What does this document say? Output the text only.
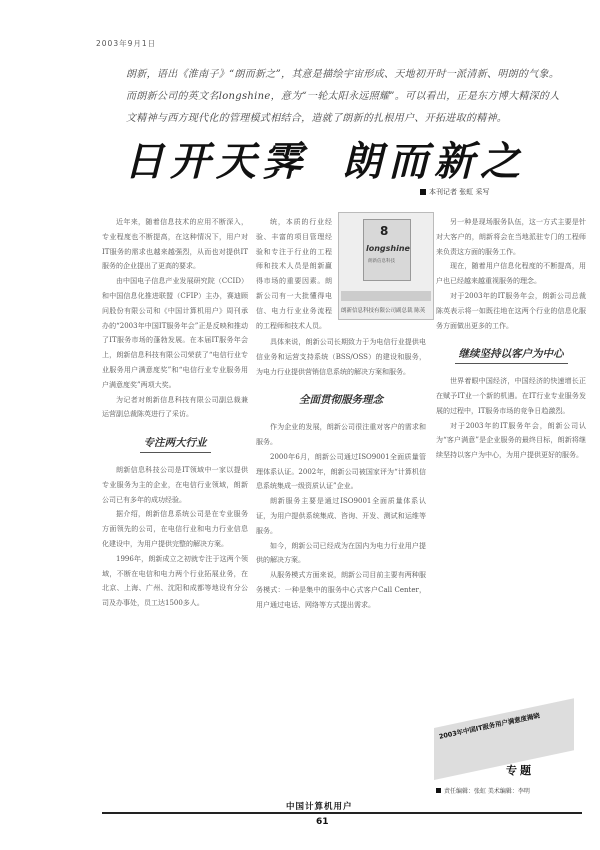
2003年9月1日
朗新，语出《淮南子》“朗而新之”，其意是描绘宇宙形成、天地初开时一派清新、明朗的气象。而朗新公司的英文名longshine，意为“一轮太阳永远照耀”。可以看出，正是东方博大精深的人文精神与西方现代化的管理模式相结合，造就了朗新的扎根用户、开拓进取的精神。
日开天霁 朗而新之
本刊记者 张虹 采写

近年来，随着信息技术的应用不断深入，专业程度也不断提高，在这种情况下，用户对IT服务的需求也越来越强烈，从而也对提供IT服务的企业提出了更高的要求。

由中国电子信息产业发展研究院（CCID）和中国信息化推进联盟（CFIP）主办，赛迪顾问股份有限公司和《中国计算机用户》周刊承办的“2003年中国IT服务年会”正是反映和推动了IT服务市场的蓬勃发展。在本届IT服务年会上，朗新信息科技有限公司荣获了“电信行业专业服务用户满意度奖”和“电信行业专业服务用户满意度奖”两项大奖。

为记者对朗新信息科技有限公司副总裁兼运营副总裁陈英进行了采访。

专注两大行业

朗新信息科技公司是IT领域中一家以提供专业服务为主的企业，在电信行业领域，朗新公司已有多年的成功经验。

据介绍，朗新信息系统公司是在专业服务方面领先的公司，在电信行业和电力行业信息化建设中，为用户提供完整的解决方案。

1996年，朗新成立之初就专注于这两个领域，不断在电信和电力两个行业拓展业务，在北京、上海、广州、沈阳和成都等地设有分公司及办事处，员工达1500多人。

统，本质的行业经验、丰富的项目管理经验和专注于行业的工程师和技术人员是朗新赢得市场的重要因素。朗新公司有一大批懂得电信、电力行业业务流程的工程师和技术人员。

8
longshine
朗新信息科技
朗新信息科技有限公司副总裁 陈英

具体来说，朗新公司长期致力于为电信行业提供电信业务和运营支持系统（BSS/OSS）的建设和服务，为电力行业提供营销信息系统的解决方案和服务。

全面贯彻服务理念

作为企业的发展，朗新公司很注重对客户的需求和服务。

2000年6月，朗新公司通过ISO9001全面质量管理体系认证。2002年，朗新公司被国家评为“计算机信息系统集成一级资质认证”企业。

朗新服务主要是通过ISO9001全面质量体系认证，为用户提供系统集成、咨询、开发、测试和运维等服务。

如今，朗新公司已经成为在国内为电力行业用户提供的解决方案。

从服务模式方面来说，朗新公司目前主要有两种服务模式：一种是集中的服务中心式客户Call Center，用户通过电话、网络等方式提出需求。

另一种是现场服务队伍，这一方式主要是针对大客户的，朗新将会在当地派驻专门的工程师来负责这方面的服务工作。

现在，随着用户信息化程度的不断提高，用户也已经越来越重视服务的理念。

对于2003年的IT服务年会，朗新公司总裁陈英表示将一如既往地在这两个行业的信息化服务方面做出更多的工作。

继续坚持以客户为中心

世界着眼中国经济，中国经济的快速增长正在赋予IT业一个新的机遇。在IT行业专业服务发展的过程中，IT服务市场的竞争日趋激烈。

对于2003年的IT服务年会，朗新公司认为“客户满意”是企业服务的最终目标，朗新将继续坚持以客户为中心，为用户提供更好的服务。

2003年中国IT服务用户满意度揭晓
专题
责任编辑：张虹 美术编辑：李明
中国计算机用户
61
